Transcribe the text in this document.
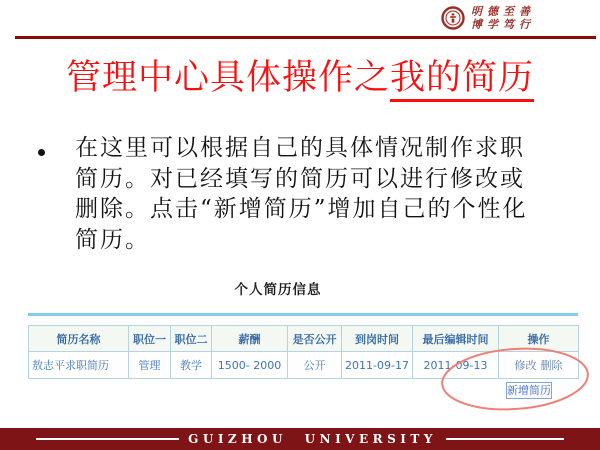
明德至善
博学笃行
管理中心具体操作之我的简历
在这里可以根据自己的具体情况制作求职
简历。对已经填写的简历可以进行修改或
删除。点击“新增简历”增加自己的个性化
简历。
个人简历信息
简历名称	职位一	职位二	薪酬	是否公开	到岗时间	最后编辑时间	操作
敖志平求职简历	管理	教学	1500- 2000	公开	2011-09-17	2011-09-13	修改 删除
新增简历
GUIZHOU UNIVERSITY
